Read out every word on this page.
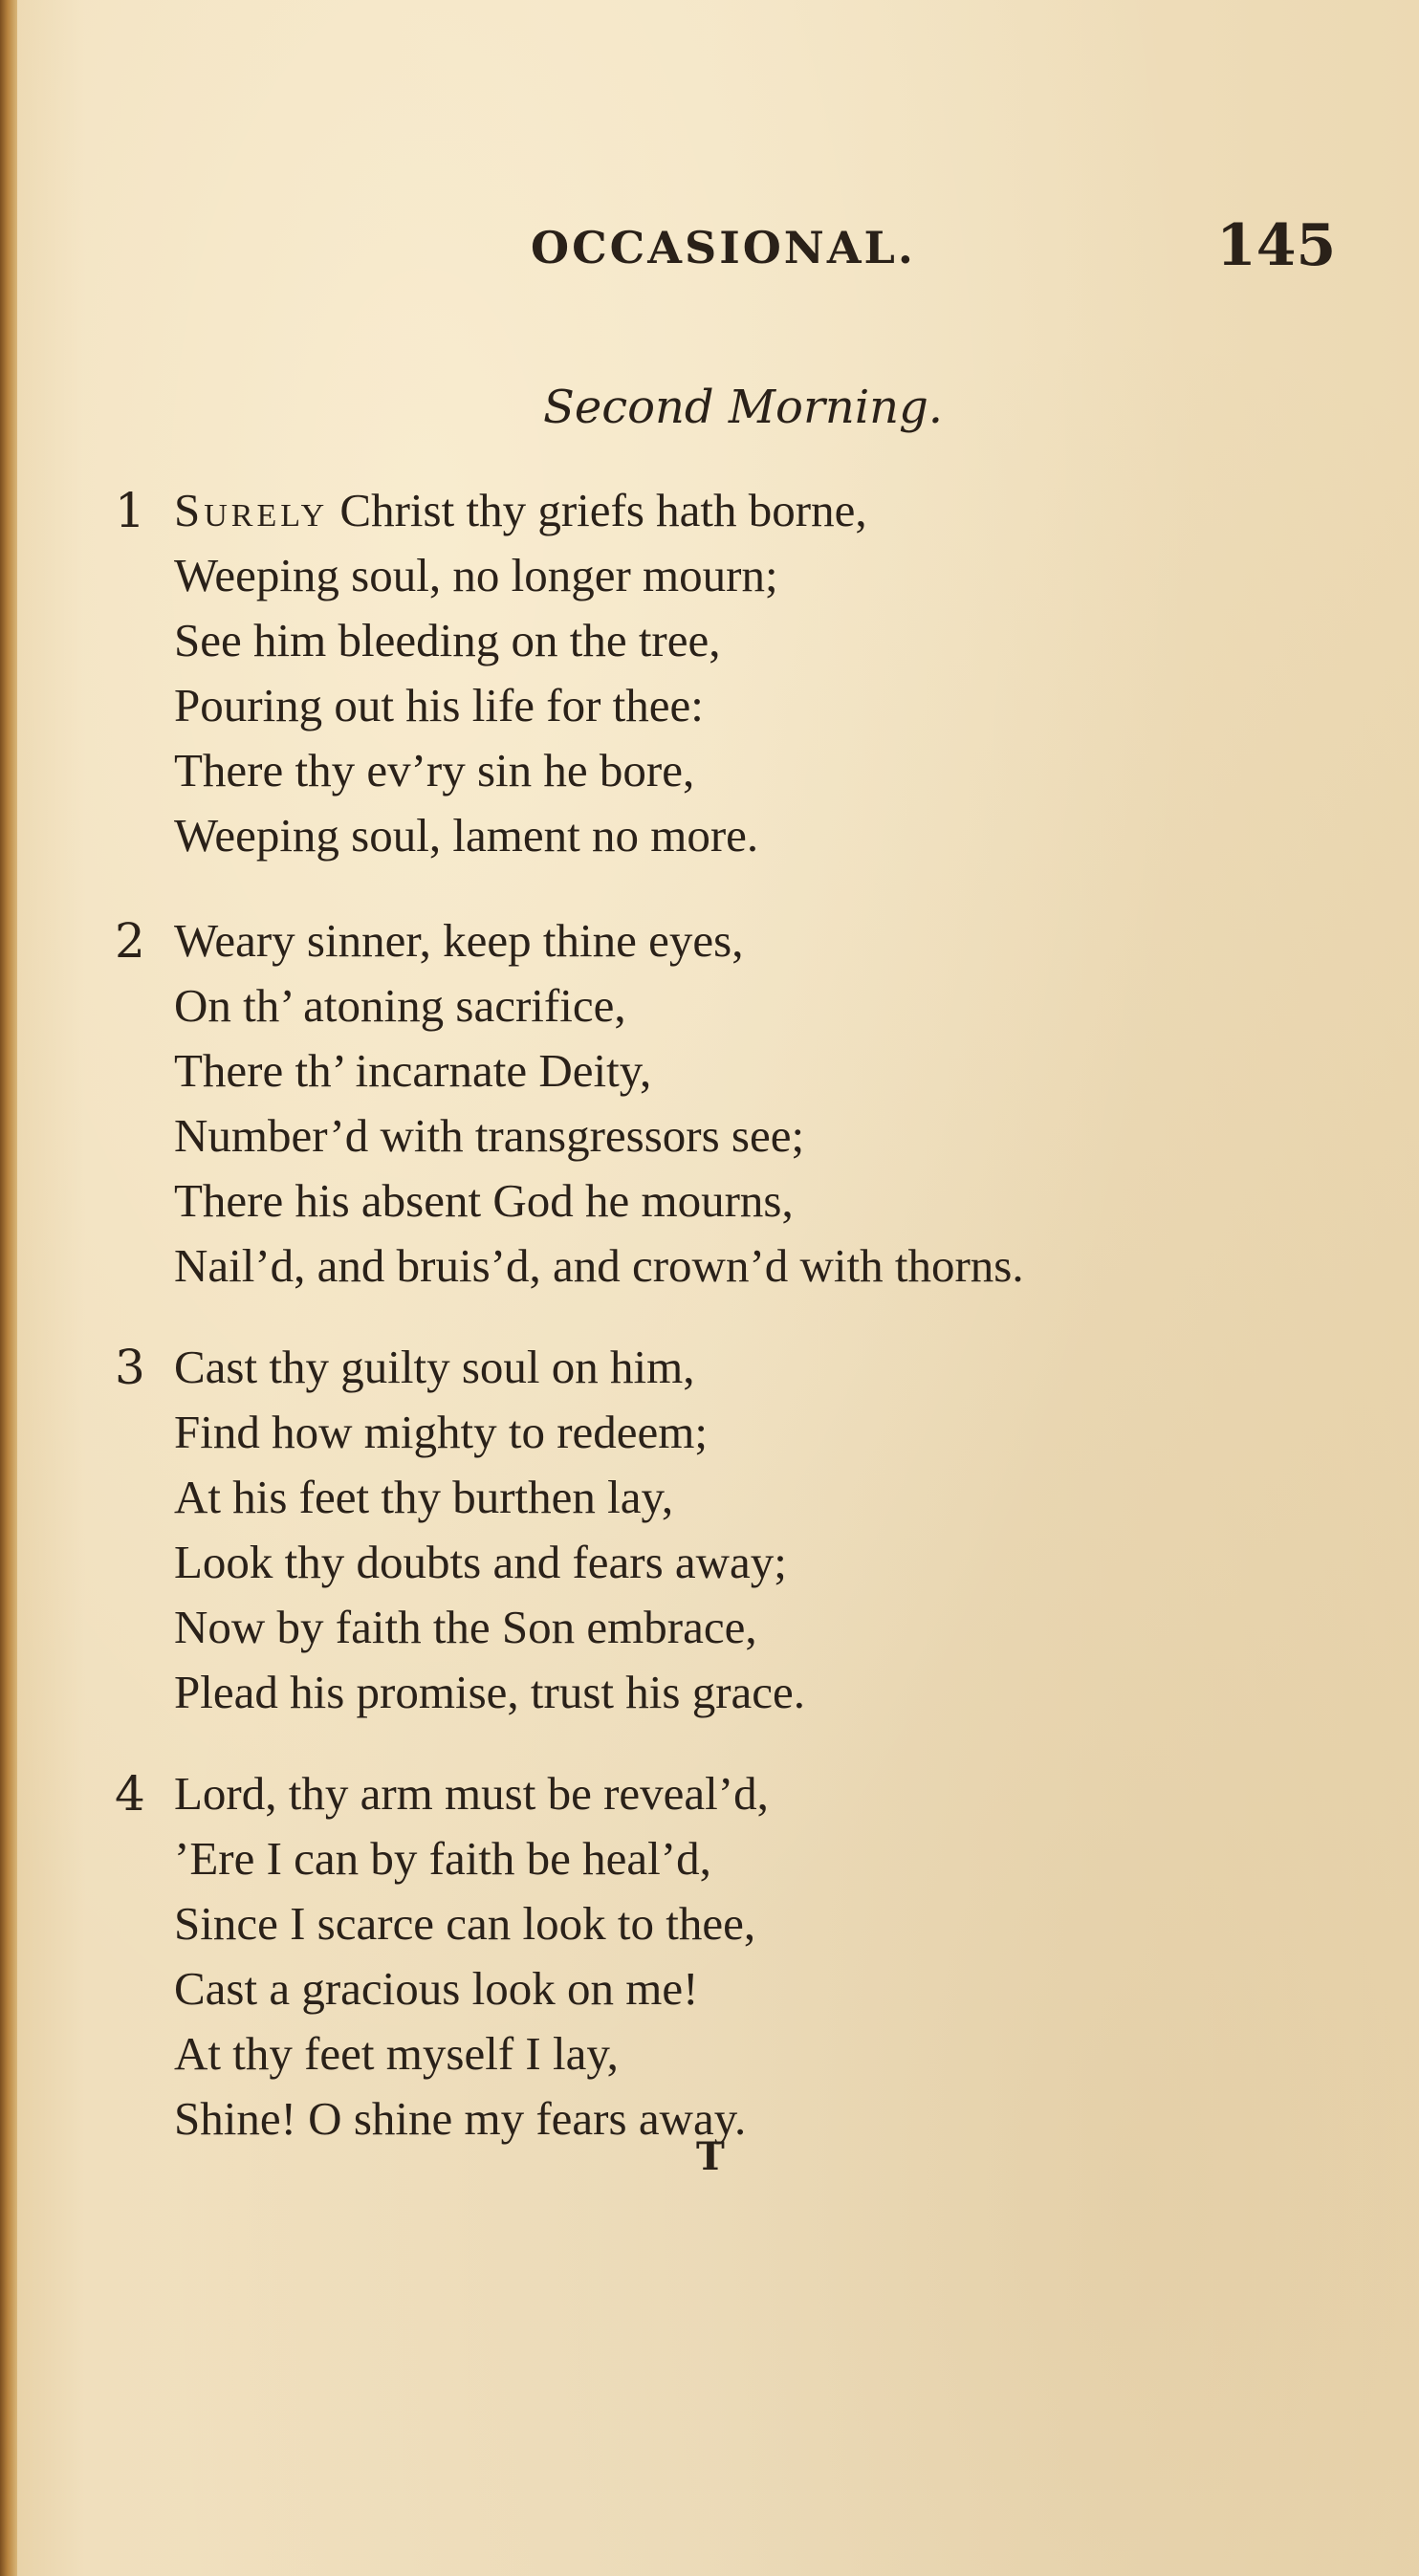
OCCASIONAL.	145
Second Morning.
1 Surely Christ thy griefs hath borne,
Weeping soul, no longer mourn;
See him bleeding on the tree,
Pouring out his life for thee:
There thy ev’ry sin he bore,
Weeping soul, lament no more.
2 Weary sinner, keep thine eyes,
On th’ atoning sacrifice,
There th’ incarnate Deity,
Number’d with transgressors see;
There his absent God he mourns,
Nail’d, and bruis’d, and crown’d with thorns.
3 Cast thy guilty soul on him,
Find how mighty to redeem;
At his feet thy burthen lay,
Look thy doubts and fears away;
Now by faith the Son embrace,
Plead his promise, trust his grace.
4 Lord, thy arm must be reveal’d,
’Ere I can by faith be heal’d,
Since I scarce can look to thee,
Cast a gracious look on me!
At thy feet myself I lay,
Shine! O shine my fears away.
T
